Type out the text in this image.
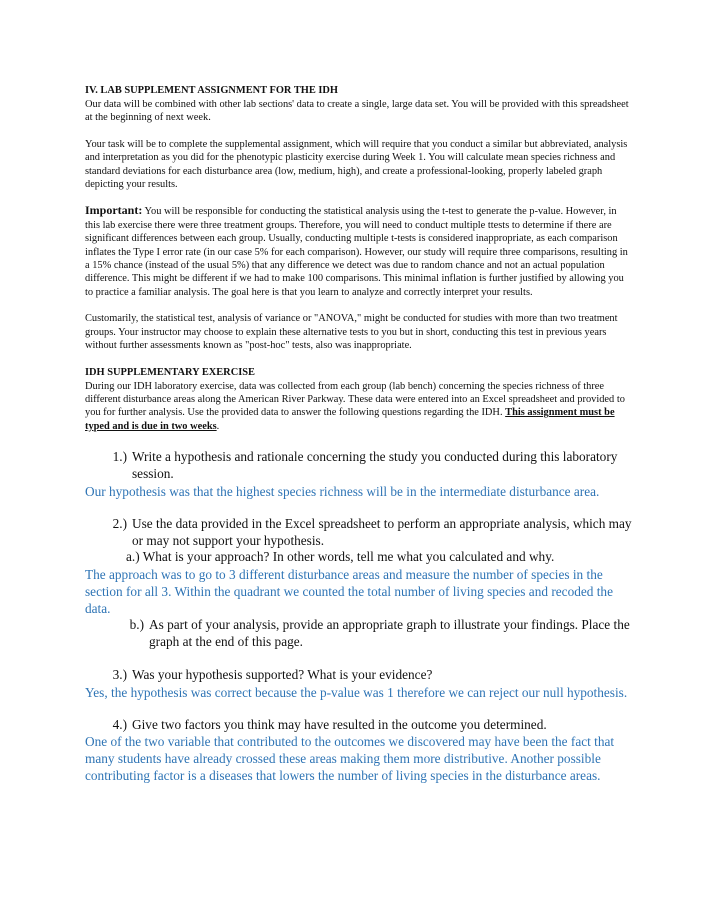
IV. LAB SUPPLEMENT ASSIGNMENT FOR THE IDH

Our data will be combined with other lab sections' data to create a single, large data set. You will be provided with this spreadsheet at the beginning of next week.

Your task will be to complete the supplemental assignment, which will require that you conduct a similar but abbreviated, analysis and interpretation as you did for the phenotypic plasticity exercise during Week 1. You will calculate mean species richness and standard deviations for each disturbance area (low, medium, high), and create a professional-looking, properly labeled graph depicting your results.

Important: You will be responsible for conducting the statistical analysis using the t-test to generate the p-value. However, in this lab exercise there were three treatment groups. Therefore, you will need to conduct multiple ttests to determine if there are significant differences between each group. Usually, conducting multiple t-tests is considered inappropriate, as each comparison inflates the Type I error rate (in our case 5% for each comparison). However, our study will require three comparisons, resulting in a 15% chance (instead of the usual 5%) that any difference we detect was due to random chance and not an actual population difference. This might be different if we had to make 100 comparisons. This minimal inflation is further justified by allowing you to practice a familiar analysis. The goal here is that you learn to analyze and correctly interpret your results.

Customarily, the statistical test, analysis of variance or "ANOVA," might be conducted for studies with more than two treatment groups. Your instructor may choose to explain these alternative tests to you but in short, conducting this test in previous years without further assessments known as "post-hoc" tests, also was inappropriate.

IDH SUPPLEMENTARY EXERCISE

During our IDH laboratory exercise, data was collected from each group (lab bench) concerning the species richness of three different disturbance areas along the American River Parkway. These data were entered into an Excel spreadsheet and provided to you for further analysis. Use the provided data to answer the following questions regarding the IDH. This assignment must be typed and is due in two weeks.

1.) Write a hypothesis and rationale concerning the study you conducted during this laboratory session.

Our hypothesis was that the highest species richness will be in the intermediate disturbance area.

2.) Use the data provided in the Excel spreadsheet to perform an appropriate analysis, which may or may not support your hypothesis.

a.) What is your approach? In other words, tell me what you calculated and why.

The approach was to go to 3 different disturbance areas and measure the number of species in the section for all 3. Within the quadrant we counted the total number of living species and recoded the data.

b.) As part of your analysis, provide an appropriate graph to illustrate your findings. Place the graph at the end of this page.
3.) Was your hypothesis supported? What is your evidence?

Yes, the hypothesis was correct because the p-value was 1 therefore we can reject our null hypothesis.

4.) Give two factors you think may have resulted in the outcome you determined.

One of the two variable that contributed to the outcomes we discovered may have been the fact that many students have already crossed these areas making them more distributive. Another possible contributing factor is a diseases that lowers the number of living species in the disturbance areas.
